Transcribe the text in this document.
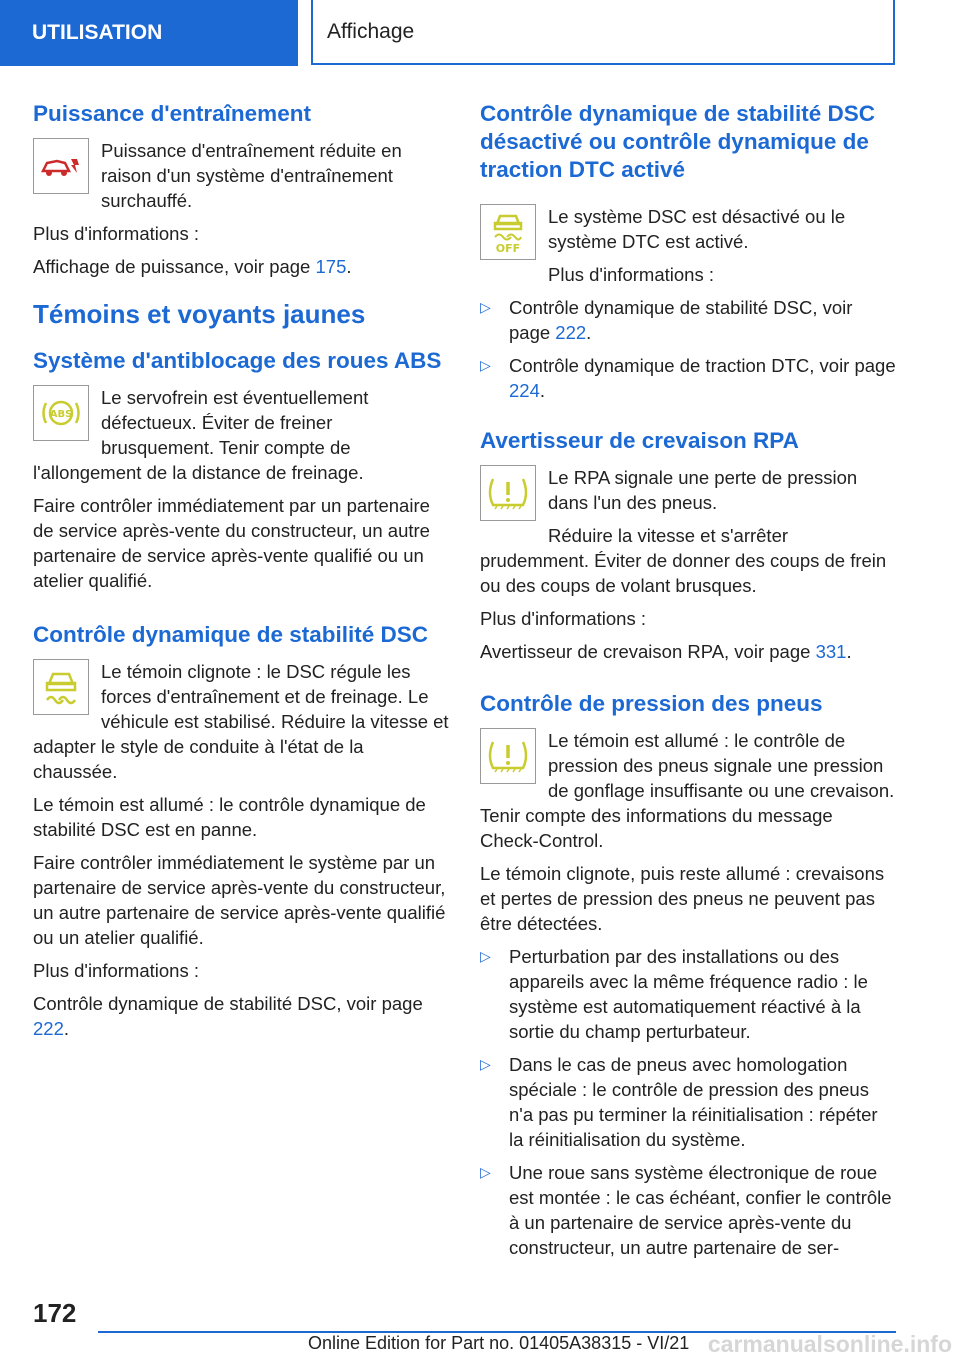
UTILISATION	Affichage
Puissance d'entraînement

Puissance d'entraînement réduite en raison d'un système d'entraînement surchauffé.

Plus d'informations :

Affichage de puissance, voir page 175.

Témoins et voyants jaunes
Système d'antiblocage des roues ABS
ABS

Le servofrein est éventuellement défectueux. Éviter de freiner brusquement. Tenir compte de l'allongement de la distance de freinage.

Faire contrôler immédiatement par un partenaire de service après-vente du constructeur, un autre partenaire de service après-vente qualifié ou un atelier qualifié.

Contrôle dynamique de stabilité DSC

Le témoin clignote : le DSC régule les forces d'entraînement et de freinage. Le véhicule est stabilisé. Réduire la vitesse et adapter le style de conduite à l'état de la chaussée.

Le témoin est allumé : le contrôle dynamique de stabilité DSC est en panne.

Faire contrôler immédiatement le système par un partenaire de service après-vente du constructeur, un autre partenaire de service après-vente qualifié ou un atelier qualifié.

Plus d'informations :

Contrôle dynamique de stabilité DSC, voir page 222.

Contrôle dynamique de stabilité DSC désactivé ou contrôle dynamique de traction DTC activé
OFF

Le système DSC est désactivé ou le système DTC est activé.

Plus d'informations :

▷ Contrôle dynamique de stabilité DSC, voir page 222.
▷ Contrôle dynamique de traction DTC, voir page 224.
Avertisseur de crevaison RPA

Le RPA signale une perte de pression dans l'un des pneus.

Réduire la vitesse et s'arrêter prudemment. Éviter de donner des coups de frein ou des coups de volant brusques.

Plus d'informations :

Avertisseur de crevaison RPA, voir page 331.

Contrôle de pression des pneus

Le témoin est allumé : le contrôle de pression des pneus signale une pression de gonflage insuffisante ou une crevaison. Tenir compte des informations du message Check-Control.

Le témoin clignote, puis reste allumé : crevaisons et pertes de pression des pneus ne peuvent pas être détectées.

▷ Perturbation par des installations ou des appareils avec la même fréquence radio : le système est automatiquement réactivé à la sortie du champ perturbateur.
▷ Dans le cas de pneus avec homologation spéciale : le contrôle de pression des pneus n'a pas pu terminer la réinitialisation : répéter la réinitialisation du système.
▷ Une roue sans système électronique de roue est montée : le cas échéant, confier le contrôle à un partenaire de service après-vente du constructeur, un autre partenaire de ser-
172
Online Edition for Part no. 01405A38315 - VI/21 carmanualsonline.info
